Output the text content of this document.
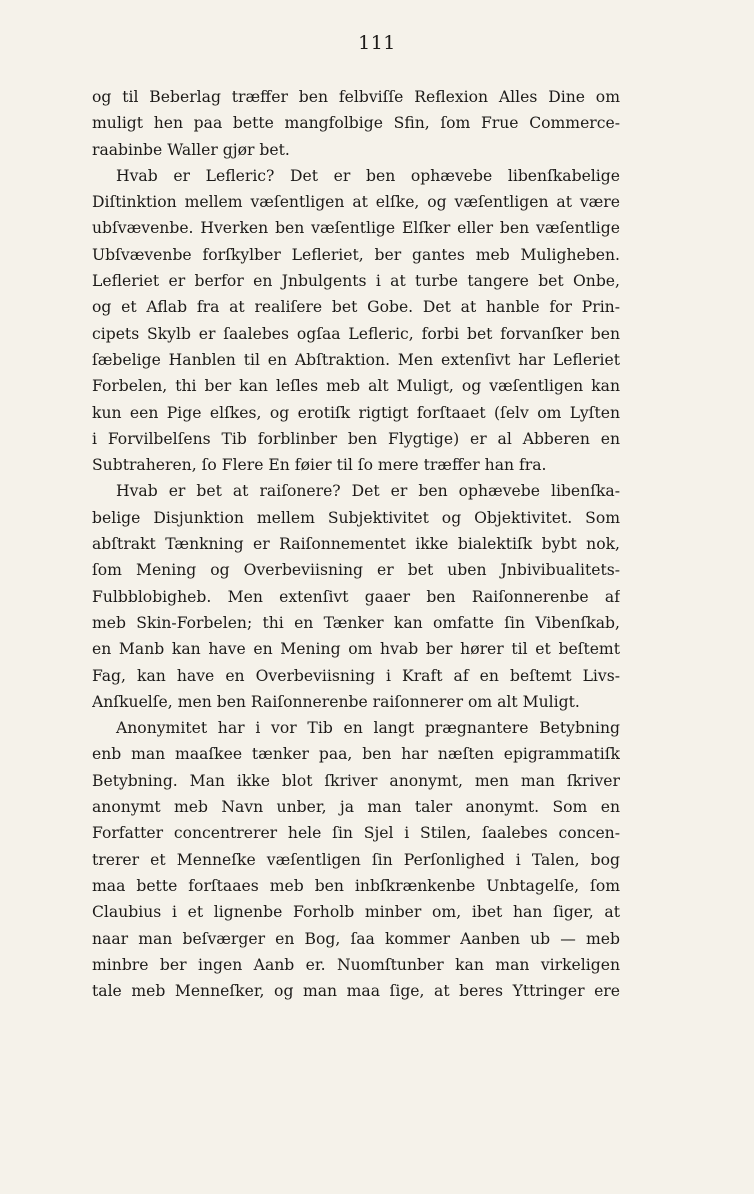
111
og til Beberlag træffer ben felbviſſe Reflexion Alles Dine om
muligt hen paa bette mangfolbige Sfin, ſom Frue Commerce-
raabinbe Waller gjør bet.
Hvab er Lefleric? Det er ben ophævebe libenſkabelige
Diſtinktion mellem væſentligen at elſke, og væſentligen at være
ubſvævenbe. Hverken ben væſentlige Elſker eller ben væſentlige
Ubſvævenbe forſkylber Lefleriet, ber gantes meb Muligheben.
Lefleriet er berfor en Jnbulgents i at turbe tangere bet Onbe,
og et Aflab fra at realiſere bet Gobe. Det at hanble for Prin-
cipets Skylb er ſaalebes ogſaa Lefleric, forbi bet forvanſker ben
ſæbelige Hanblen til en Abſtraktion. Men extenſivt har Lefleriet
Forbelen, thi ber kan leſles meb alt Muligt, og væſentligen kan
kun een Pige elſkes, og erotiſk rigtigt forſtaaet (ſelv om Lyſten
i Forvilbelſens Tib forblinber ben Flygtige) er al Abberen en
Subtraheren, ſo Flere En føier til ſo mere træffer han fra.
Hvab er bet at raiſonere? Det er ben ophævebe libenſka-
belige Disjunktion mellem Subjektivitet og Objektivitet. Som
abſtrakt Tænkning er Raiſonnementet ikke bialektiſk bybt nok,
ſom Mening og Overbeviisning er bet uben Jnbivibualitets-
Fulbblobigheb. Men extenſivt gaaer ben Raiſonnerenbe af
meb Skin-Forbelen; thi en Tænker kan omfatte ſin Vibenſkab,
en Manb kan have en Mening om hvab ber hører til et beſtemt
Fag, kan have en Overbeviisning i Kraft af en beſtemt Livs-
Anſkuelſe, men ben Raiſonnerenbe raiſonnerer om alt Muligt.
Anonymitet har i vor Tib en langt prægnantere Betybning
enb man maaſkee tænker paa, ben har næſten epigrammatiſk
Betybning. Man ikke blot ſkriver anonymt, men man ſkriver
anonymt meb Navn unber, ja man taler anonymt. Som en
Forfatter concentrerer hele ſin Sjel i Stilen, ſaalebes concen-
trerer et Menneſke væſentligen ſin Perſonlighed i Talen, bog
maa bette forſtaaes meb ben inbſkrænkenbe Unbtagelſe, ſom
Claubius i et lignenbe Forholb minber om, ibet han ſiger, at
naar man beſværger en Bog, ſaa kommer Aanben ub — meb
minbre ber ingen Aanb er. Nuomſtunber kan man virkeligen
tale meb Menneſker, og man maa ſige, at beres Yttringer ere
